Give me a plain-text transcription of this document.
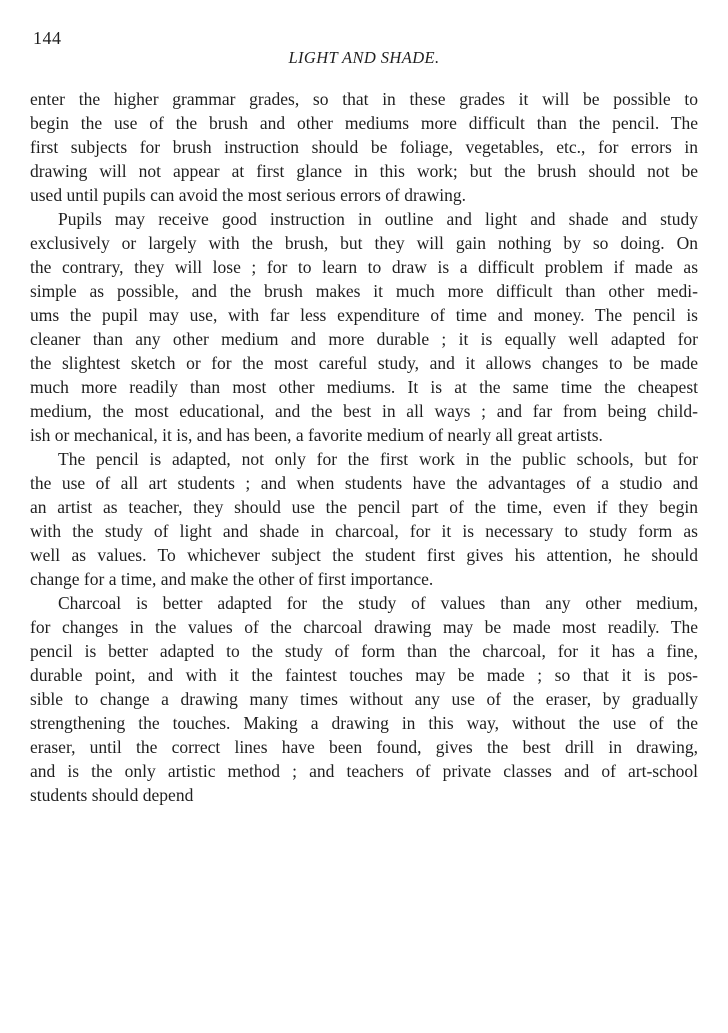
144
LIGHT AND SHADE.
enter the higher grammar grades, so that in these grades it will be possible to
begin the use of the brush and other mediums more difficult than the pencil. The
first subjects for brush instruction should be foliage, vegetables, etc., for errors in
drawing will not appear at first glance in this work; but the brush should not be
used until pupils can avoid the most serious errors of drawing.
Pupils may receive good instruction in outline and light and shade and study
exclusively or largely with the brush, but they will gain nothing by so doing. On
the contrary, they will lose ; for to learn to draw is a difficult problem if made as
simple as possible, and the brush makes it much more difficult than other medi-
ums the pupil may use, with far less expenditure of time and money. The pencil is
cleaner than any other medium and more durable ; it is equally well adapted for
the slightest sketch or for the most careful study, and it allows changes to be made
much more readily than most other mediums. It is at the same time the cheapest
medium, the most educational, and the best in all ways ; and far from being child-
ish or mechanical, it is, and has been, a favorite medium of nearly all great artists.
The pencil is adapted, not only for the first work in the public schools, but for
the use of all art students ; and when students have the advantages of a studio and
an artist as teacher, they should use the pencil part of the time, even if they begin
with the study of light and shade in charcoal, for it is necessary to study form as
well as values. To whichever subject the student first gives his attention, he should
change for a time, and make the other of first importance.
Charcoal is better adapted for the study of values than any other medium,
for changes in the values of the charcoal drawing may be made most readily. The
pencil is better adapted to the study of form than the charcoal, for it has a fine,
durable point, and with it the faintest touches may be made ; so that it is pos-
sible to change a drawing many times without any use of the eraser, by gradually
strengthening the touches. Making a drawing in this way, without the use of the
eraser, until the correct lines have been found, gives the best drill in drawing,
and is the only artistic method ; and teachers of private classes and of art-school
students should depend
